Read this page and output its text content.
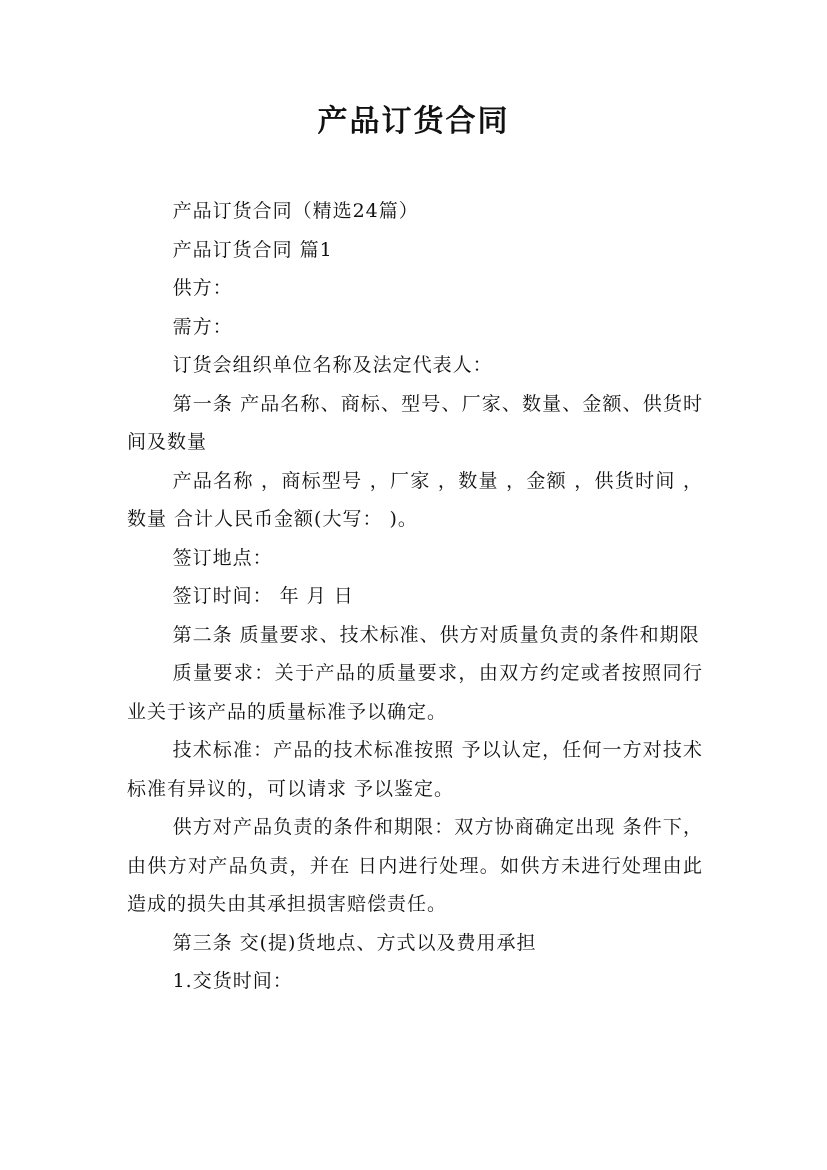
产品订货合同

产品订货合同（精选24篇）

产品订货合同 篇1

供方：

需方：

订货会组织单位名称及法定代表人：

第一条 产品名称、商标、型号、厂家、数量、金额、供货时间及数量

产品名称 ，商标型号 ，厂家 ，数量 ，金额 ，供货时间 ，数量 合计人民币金额(大写： )。

签订地点：

签订时间： 年 月 日

第二条 质量要求、技术标准、供方对质量负责的条件和期限

质量要求：关于产品的质量要求，由双方约定或者按照同行业关于该产品的质量标准予以确定。

技术标准：产品的技术标准按照 予以认定，任何一方对技术标准有异议的，可以请求 予以鉴定。

供方对产品负责的条件和期限：双方协商确定出现 条件下，由供方对产品负责，并在 日内进行处理。如供方未进行处理由此造成的损失由其承担损害赔偿责任。

第三条 交(提)货地点、方式以及费用承担

1.交货时间：
